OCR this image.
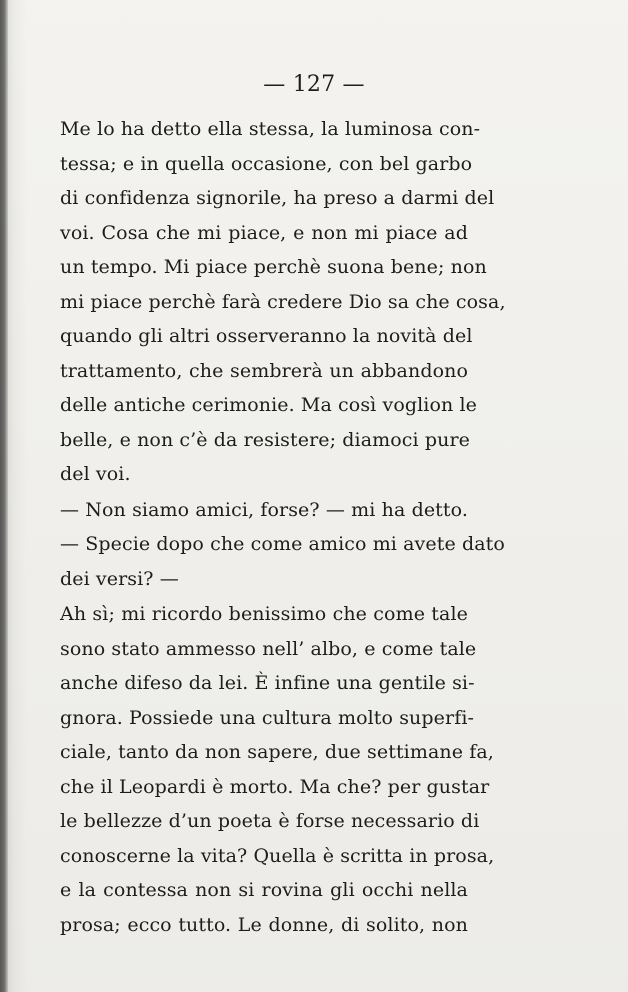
— 127 —
Me lo ha detto ella stessa, la luminosa con-
tessa; e in quella occasione, con bel garbo
di confidenza signorile, ha preso a darmi del
voi. Cosa che mi piace, e non mi piace ad
un tempo. Mi piace perchè suona bene; non
mi piace perchè farà credere Dio sa che cosa,
quando gli altri osserveranno la novità del
trattamento, che sembrerà un abbandono
delle antiche cerimonie. Ma così voglion le
belle, e non c’è da resistere; diamoci pure
del voi.
— Non siamo amici, forse? — mi ha detto.
— Specie dopo che come amico mi avete dato
dei versi? —
Ah sì; mi ricordo benissimo che come tale
sono stato ammesso nell’ albo, e come tale
anche difeso da lei. È infine una gentile si-
gnora. Possiede una cultura molto superfi-
ciale, tanto da non sapere, due settimane fa,
che il Leopardi è morto. Ma che? per gustar
le bellezze d’un poeta è forse necessario di
conoscerne la vita? Quella è scritta in prosa,
e la contessa non si rovina gli occhi nella
prosa; ecco tutto. Le donne, di solito, non
